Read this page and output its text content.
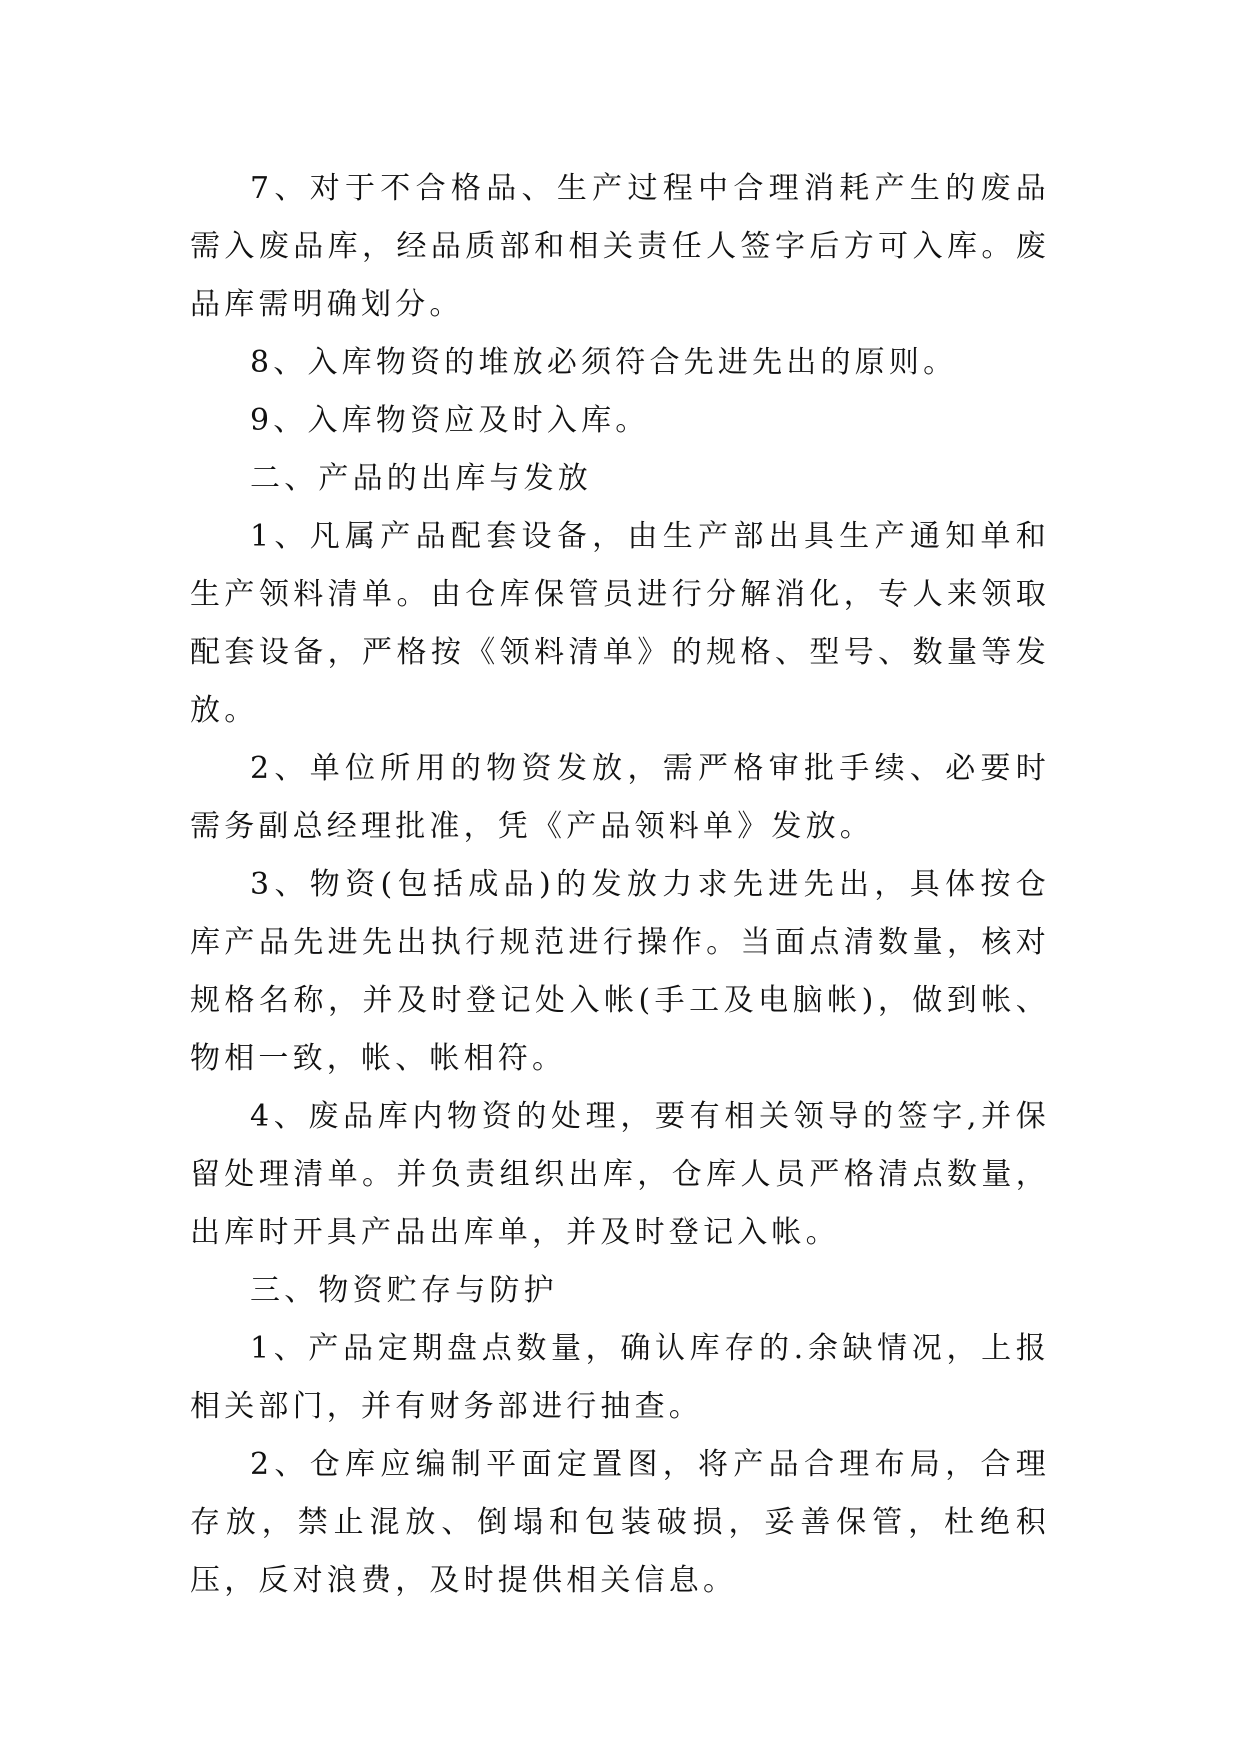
7、对于不合格品、生产过程中合理消耗产生的废品需入废品库，经品质部和相关责任人签字后方可入库。废品库需明确划分。

8、入库物资的堆放必须符合先进先出的原则。

9、入库物资应及时入库。

二、产品的出库与发放

1、凡属产品配套设备，由生产部出具生产通知单和生产领料清单。由仓库保管员进行分解消化，专人来领取配套设备，严格按《领料清单》的规格、型号、数量等发放。

2、单位所用的物资发放，需严格审批手续、必要时需务副总经理批准，凭《产品领料单》发放。

3、物资(包括成品)的发放力求先进先出，具体按仓库产品先进先出执行规范进行操作。当面点清数量，核对规格名称，并及时登记处入帐(手工及电脑帐)，做到帐、物相一致，帐、帐相符。

4、废品库内物资的处理，要有相关领导的签字,并保留处理清单。并负责组织出库，仓库人员严格清点数量，出库时开具产品出库单，并及时登记入帐。

三、物资贮存与防护

1、产品定期盘点数量，确认库存的.余缺情况，上报相关部门，并有财务部进行抽查。

2、仓库应编制平面定置图，将产品合理布局，合理存放，禁止混放、倒塌和包装破损，妥善保管，杜绝积压，反对浪费，及时提供相关信息。
